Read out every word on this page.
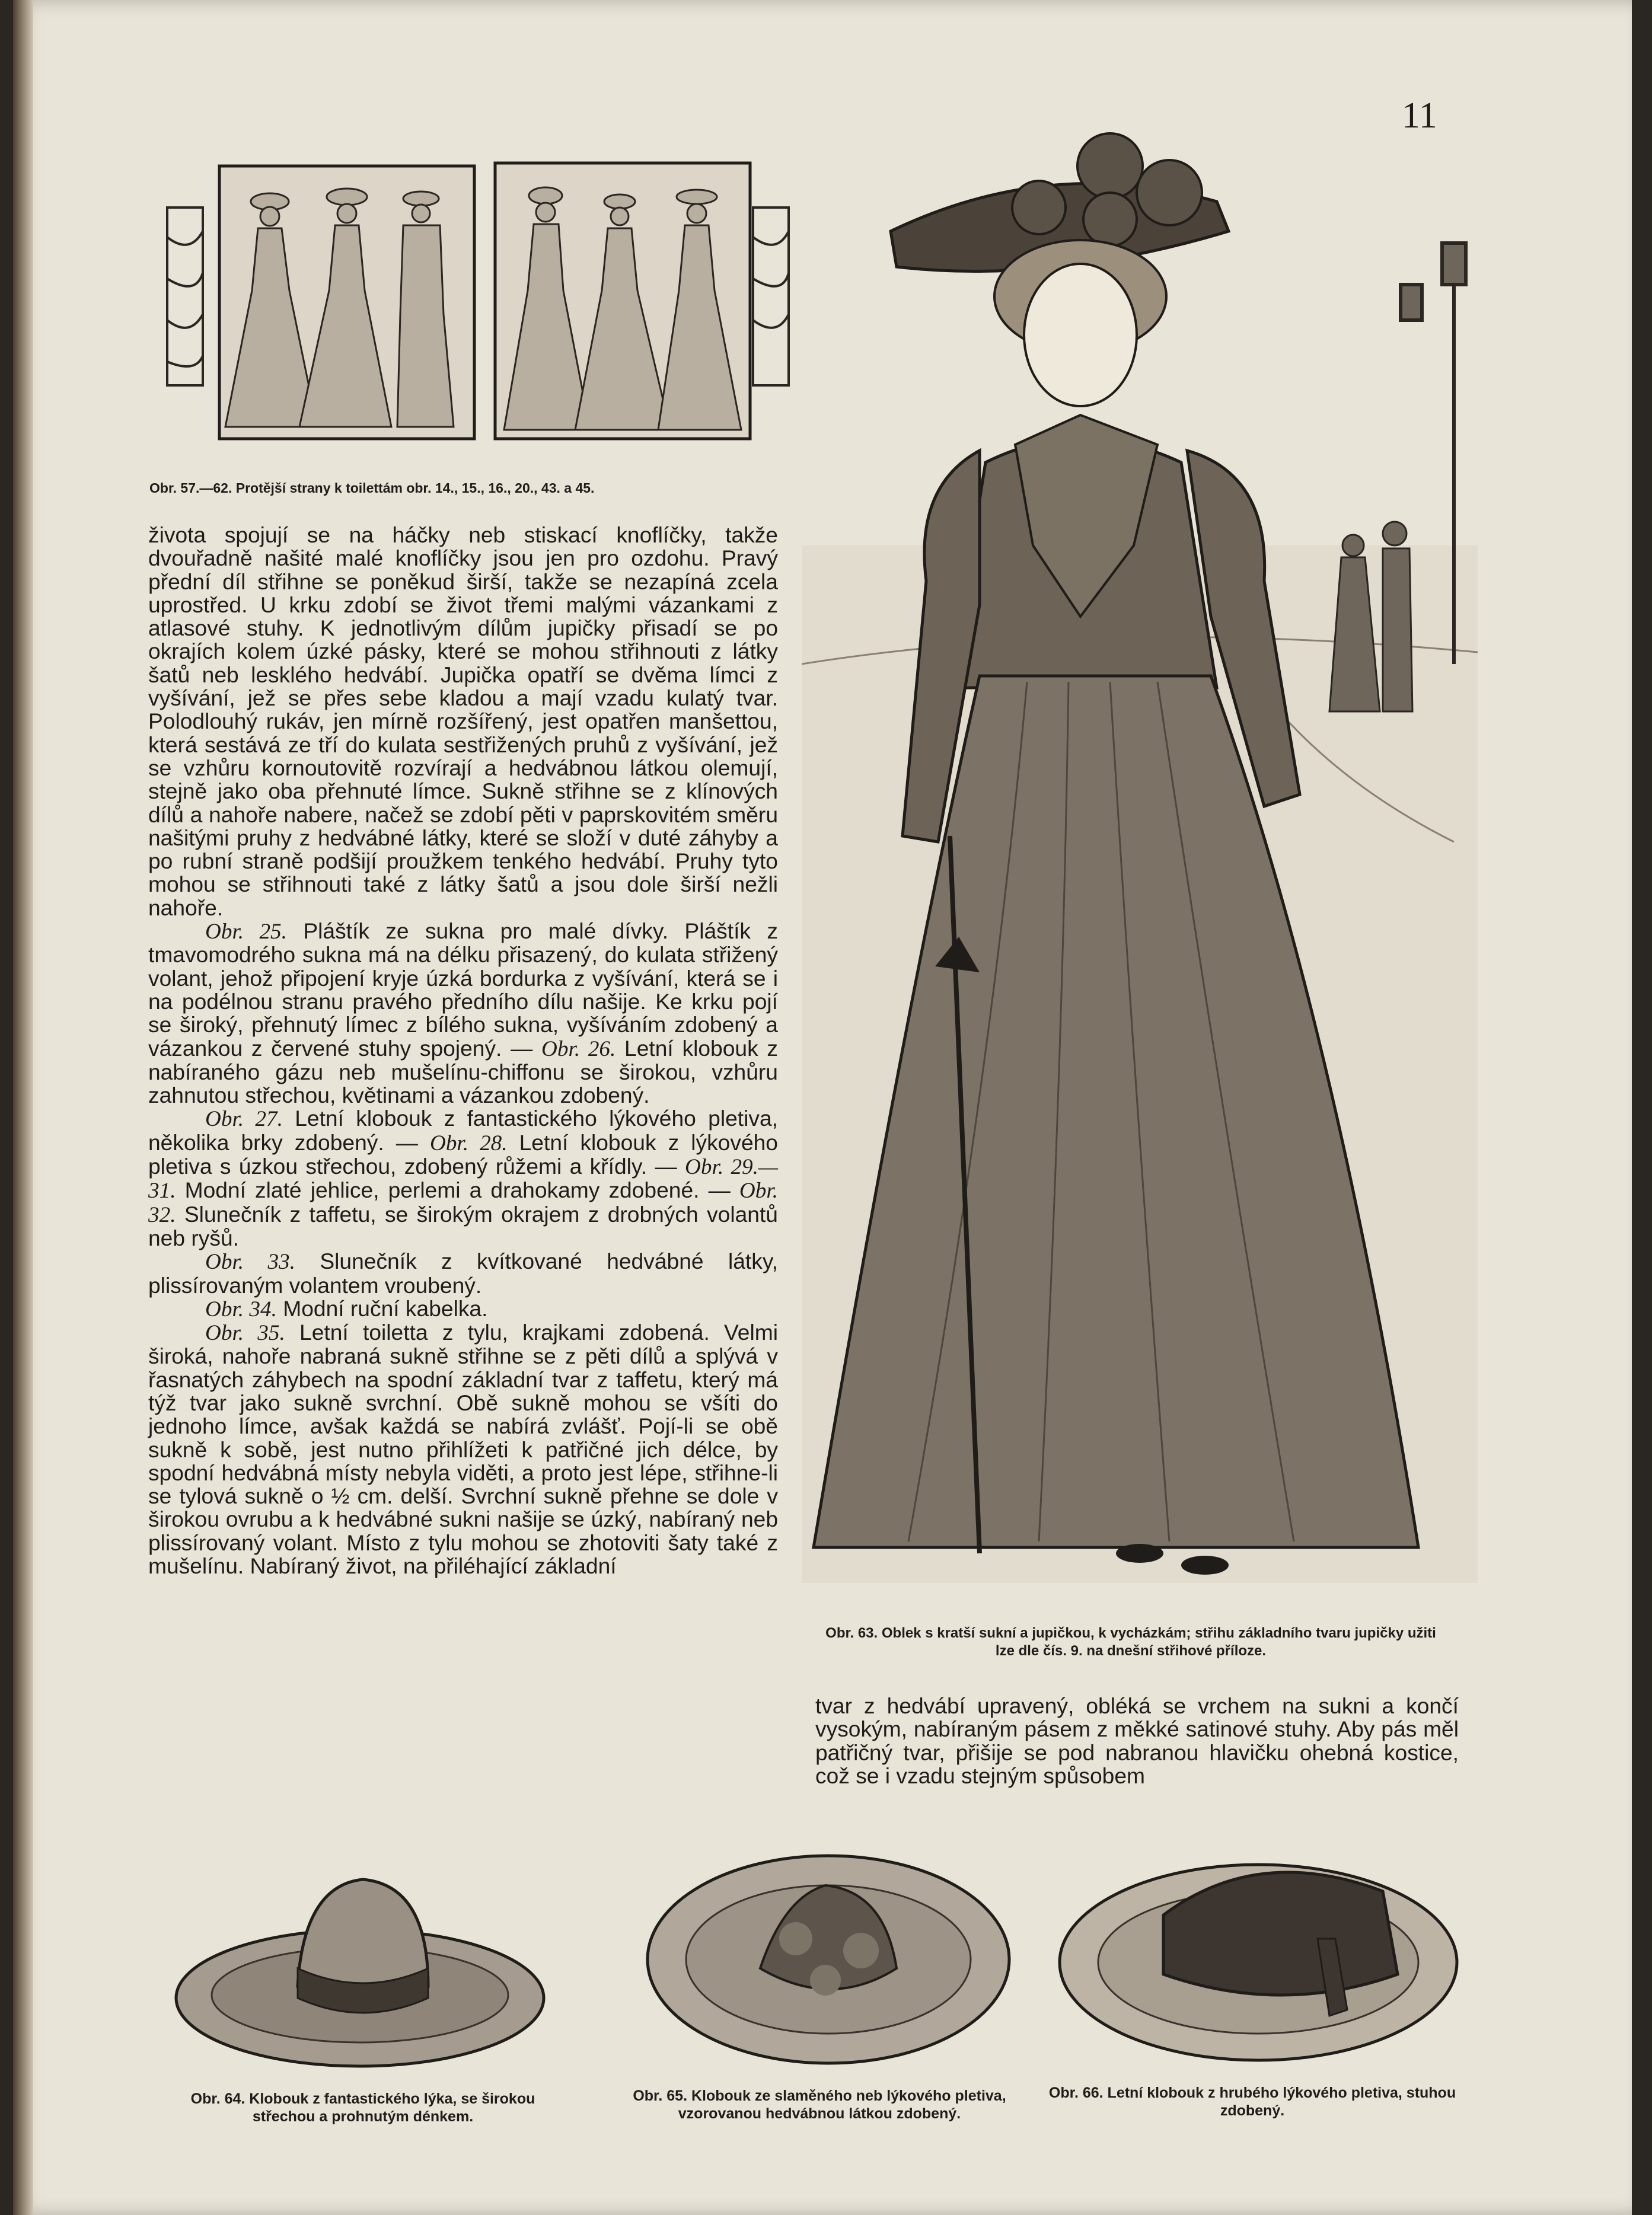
11
Obr. 57.—62. Protější strany k toilettám obr. 14., 15., 16., 20., 43. a 45.
Obr. 63. Oblek s kratší sukní a jupičkou, k vycházkám; střihu základního tvaru jupičky užiti lze dle čís. 9. na dnešní střihové příloze.

života spojují se na háčky neb stiskací knoflíčky, takže dvouřadně našité malé knoflíčky jsou jen pro ozdohu. Pravý přední díl střihne se poněkud širší, takže se nezapíná zcela uprostřed. U krku zdobí se život třemi malými vázankami z atlasové stuhy. K jednotlivým dílům jupičky přisadí se po okrajích kolem úzké pásky, které se mohou střihnouti z látky šatů neb lesklého hedvábí. Jupička opatří se dvěma límci z vyšívání, jež se přes sebe kladou a mají vzadu kulatý tvar. Polodlouhý rukáv, jen mírně rozšířený, jest opatřen manšettou, která sestává ze tří do kulata sestřižených pruhů z vyšívání, jež se vzhůru kornoutovitě rozvírají a hedvábnou látkou olemují, stejně jako oba přehnuté límce. Sukně střihne se z klínových dílů a nahoře nabere, načež se zdobí pěti v paprskovitém směru našitými pruhy z hedvábné látky, které se složí v duté záhyby a po rubní straně podšijí proužkem tenkého hedvábí. Pruhy tyto mohou se střihnouti také z látky šatů a jsou dole širší nežli nahoře.

Obr. 25. Pláštík ze sukna pro malé dívky. Pláštík z tmavomodrého sukna má na délku přisazený, do kulata střižený volant, jehož připojení kryje úzká bordurka z vyšívání, která se i na podélnou stranu pravého předního dílu našije. Ke krku pojí se široký, přehnutý límec z bílého sukna, vyšíváním zdobený a vázankou z červené stuhy spojený. — Obr. 26. Letní klobouk z nabíraného gázu neb mušelínu-chiffonu se širokou, vzhůru zahnutou střechou, květinami a vázankou zdobený.

Obr. 27. Letní klobouk z fantastického lýkového pletiva, několika brky zdobený. — Obr. 28. Letní klobouk z lýkového pletiva s úzkou střechou, zdobený růžemi a křídly. — Obr. 29.—31. Modní zlaté jehlice, perlemi a drahokamy zdobené. — Obr. 32. Slunečník z taffetu, se širokým okrajem z drobných volantů neb ryšů.

Obr. 33. Slunečník z kvítkované hedvábné látky, plissírovaným volantem vroubený.

Obr. 34. Modní ruční kabelka.

Obr. 35. Letní toiletta z tylu, krajkami zdobená. Velmi široká, nahoře nabraná sukně střihne se z pěti dílů a splývá v řasnatých záhybech na spodní základní tvar z taffetu, který má týž tvar jako sukně svrchní. Obě sukně mohou se všíti do jednoho límce, avšak každá se nabírá zvlášť. Pojí-li se obě sukně k sobě, jest nutno přihlížeti k patřičné jich délce, by spodní hedvábná místy nebyla viděti, a proto jest lépe, střihne-li se tylová sukně o ½ cm. delší. Svrchní sukně přehne se dole v širokou ovrubu a k hedvábné sukni našije se úzký, nabíraný neb plissírovaný volant. Místo z tylu mohou se zhotoviti šaty také z mušelínu. Nabíraný život, na přiléhající základní

tvar z hedvábí upravený, obléká se vrchem na sukni a končí vysokým, nabíraným pásem z měkké satinové stuhy. Aby pás měl patřičný tvar, přišije se pod nabranou hlavičku ohebná kostice, což se i vzadu stejným spůsobem

Obr. 64. Klobouk z fantastického lýka, se širokou střechou a prohnutým dénkem.
Obr. 65. Klobouk ze slaměného neb lýkového pletiva, vzorovanou hedvábnou látkou zdobený.
Obr. 66. Letní klobouk z hrubého lýkového pletiva, stuhou zdobený.
